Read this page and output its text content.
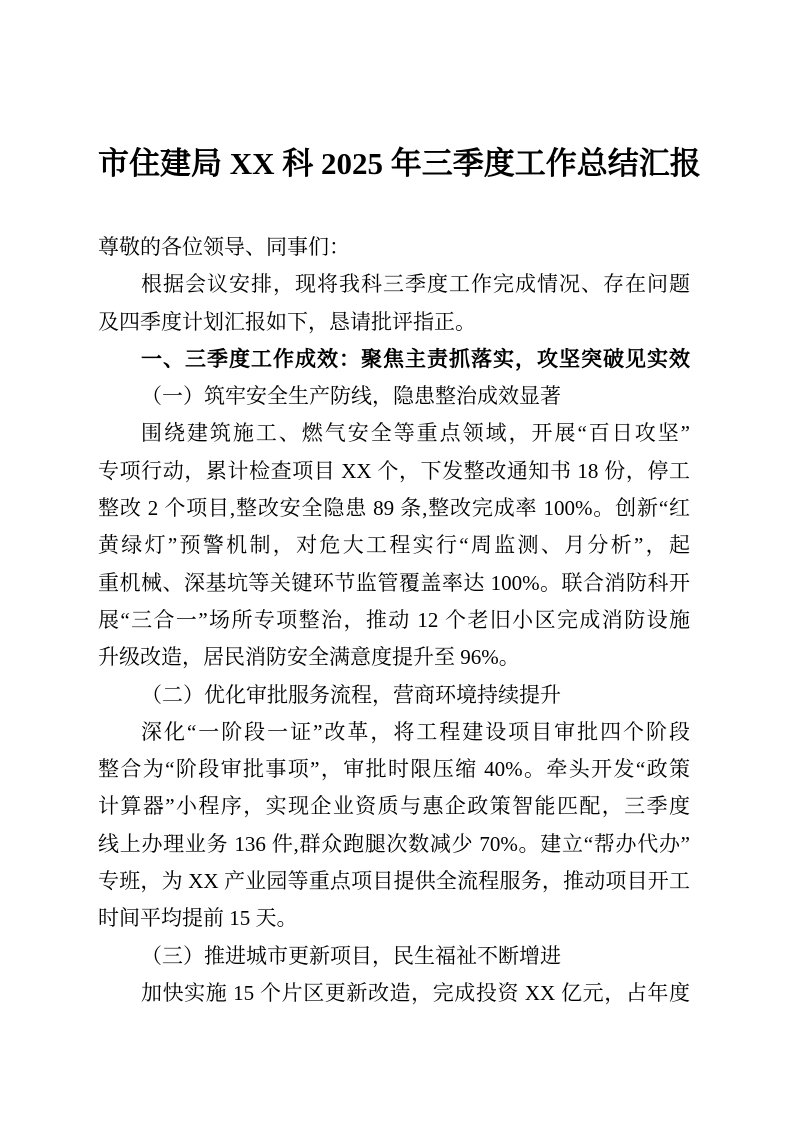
市住建局 XX 科 2025 年三季度工作总结汇报
尊敬的各位领导、同事们：
根据会议安排，现将我科三季度工作完成情况、存在问题
及四季度计划汇报如下，恳请批评指正。
一、三季度工作成效：聚焦主责抓落实，攻坚突破见实效
（一）筑牢安全生产防线，隐患整治成效显著
围绕建筑施工、燃气安全等重点领域，开展“百日攻坚”
专项行动，累计检查项目 XX 个，下发整改通知书 18 份，停工
整改 2 个项目,整改安全隐患 89 条,整改完成率 100%。创新“红
黄绿灯”预警机制，对危大工程实行“周监测、月分析”，起
重机械、深基坑等关键环节监管覆盖率达 100%。联合消防科开
展“三合一”场所专项整治，推动 12 个老旧小区完成消防设施
升级改造，居民消防安全满意度提升至 96%。
（二）优化审批服务流程，营商环境持续提升
深化“一阶段一证”改革，将工程建设项目审批四个阶段
整合为“阶段审批事项”，审批时限压缩 40%。牵头开发“政策
计算器”小程序，实现企业资质与惠企政策智能匹配，三季度
线上办理业务 136 件,群众跑腿次数减少 70%。建立“帮办代办”
专班，为 XX 产业园等重点项目提供全流程服务，推动项目开工
时间平均提前 15 天。
（三）推进城市更新项目，民生福祉不断增进
加快实施 15 个片区更新改造，完成投资 XX 亿元，占年度
